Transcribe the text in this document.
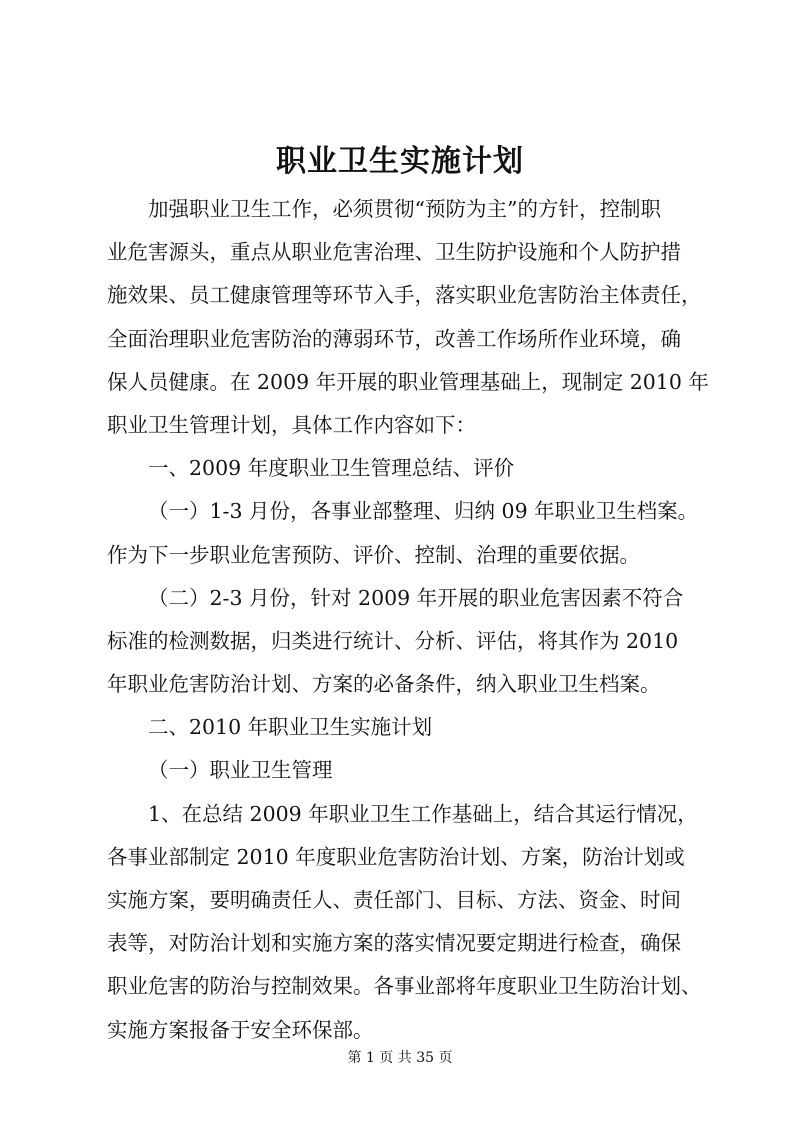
职业卫生实施计划
加强职业卫生工作，必须贯彻“预防为主”的方针，控制职
业危害源头，重点从职业危害治理、卫生防护设施和个人防护措
施效果、员工健康管理等环节入手，落实职业危害防治主体责任，
全面治理职业危害防治的薄弱环节，改善工作场所作业环境，确
保人员健康。在 2009 年开展的职业管理基础上，现制定 2010 年
职业卫生管理计划，具体工作内容如下：
一、2009 年度职业卫生管理总结、评价
（一）1-3 月份，各事业部整理、归纳 09 年职业卫生档案。
作为下一步职业危害预防、评价、控制、治理的重要依据。
（二）2-3 月份，针对 2009 年开展的职业危害因素不符合
标准的检测数据，归类进行统计、分析、评估，将其作为 2010
年职业危害防治计划、方案的必备条件，纳入职业卫生档案。
二、2010 年职业卫生实施计划
（一）职业卫生管理
1、在总结 2009 年职业卫生工作基础上，结合其运行情况，
各事业部制定 2010 年度职业危害防治计划、方案，防治计划或
实施方案，要明确责任人、责任部门、目标、方法、资金、时间
表等，对防治计划和实施方案的落实情况要定期进行检查，确保
职业危害的防治与控制效果。各事业部将年度职业卫生防治计划、
实施方案报备于安全环保部。
第 1 页 共 35 页
